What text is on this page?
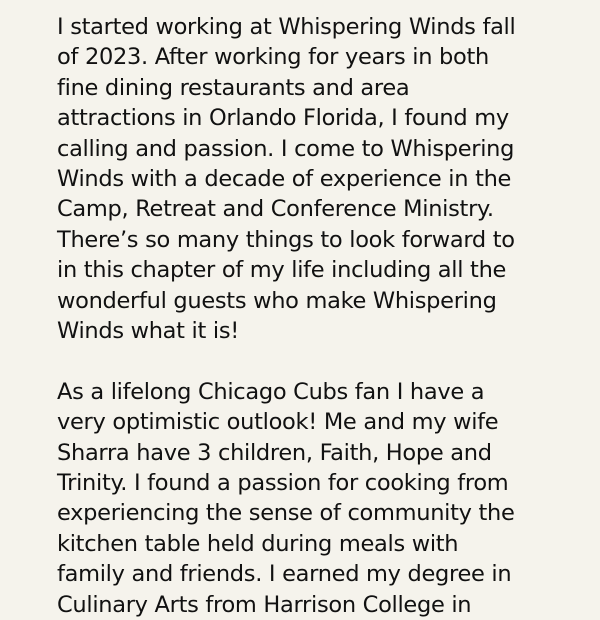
I started working at Whispering Winds fall
of 2023. After working for years in both
fine dining restaurants and area
attractions in Orlando Florida, I found my
calling and passion. I come to Whispering
Winds with a decade of experience in the
Camp, Retreat and Conference Ministry.
There’s so many things to look forward to
in this chapter of my life including all the
wonderful guests who make Whispering
Winds what it is!
As a lifelong Chicago Cubs fan I have a
very optimistic outlook! Me and my wife
Sharra have 3 children, Faith, Hope and
Trinity. I found a passion for cooking from
experiencing the sense of community the
kitchen table held during meals with
family and friends. I earned my degree in
Culinary Arts from Harrison College in
